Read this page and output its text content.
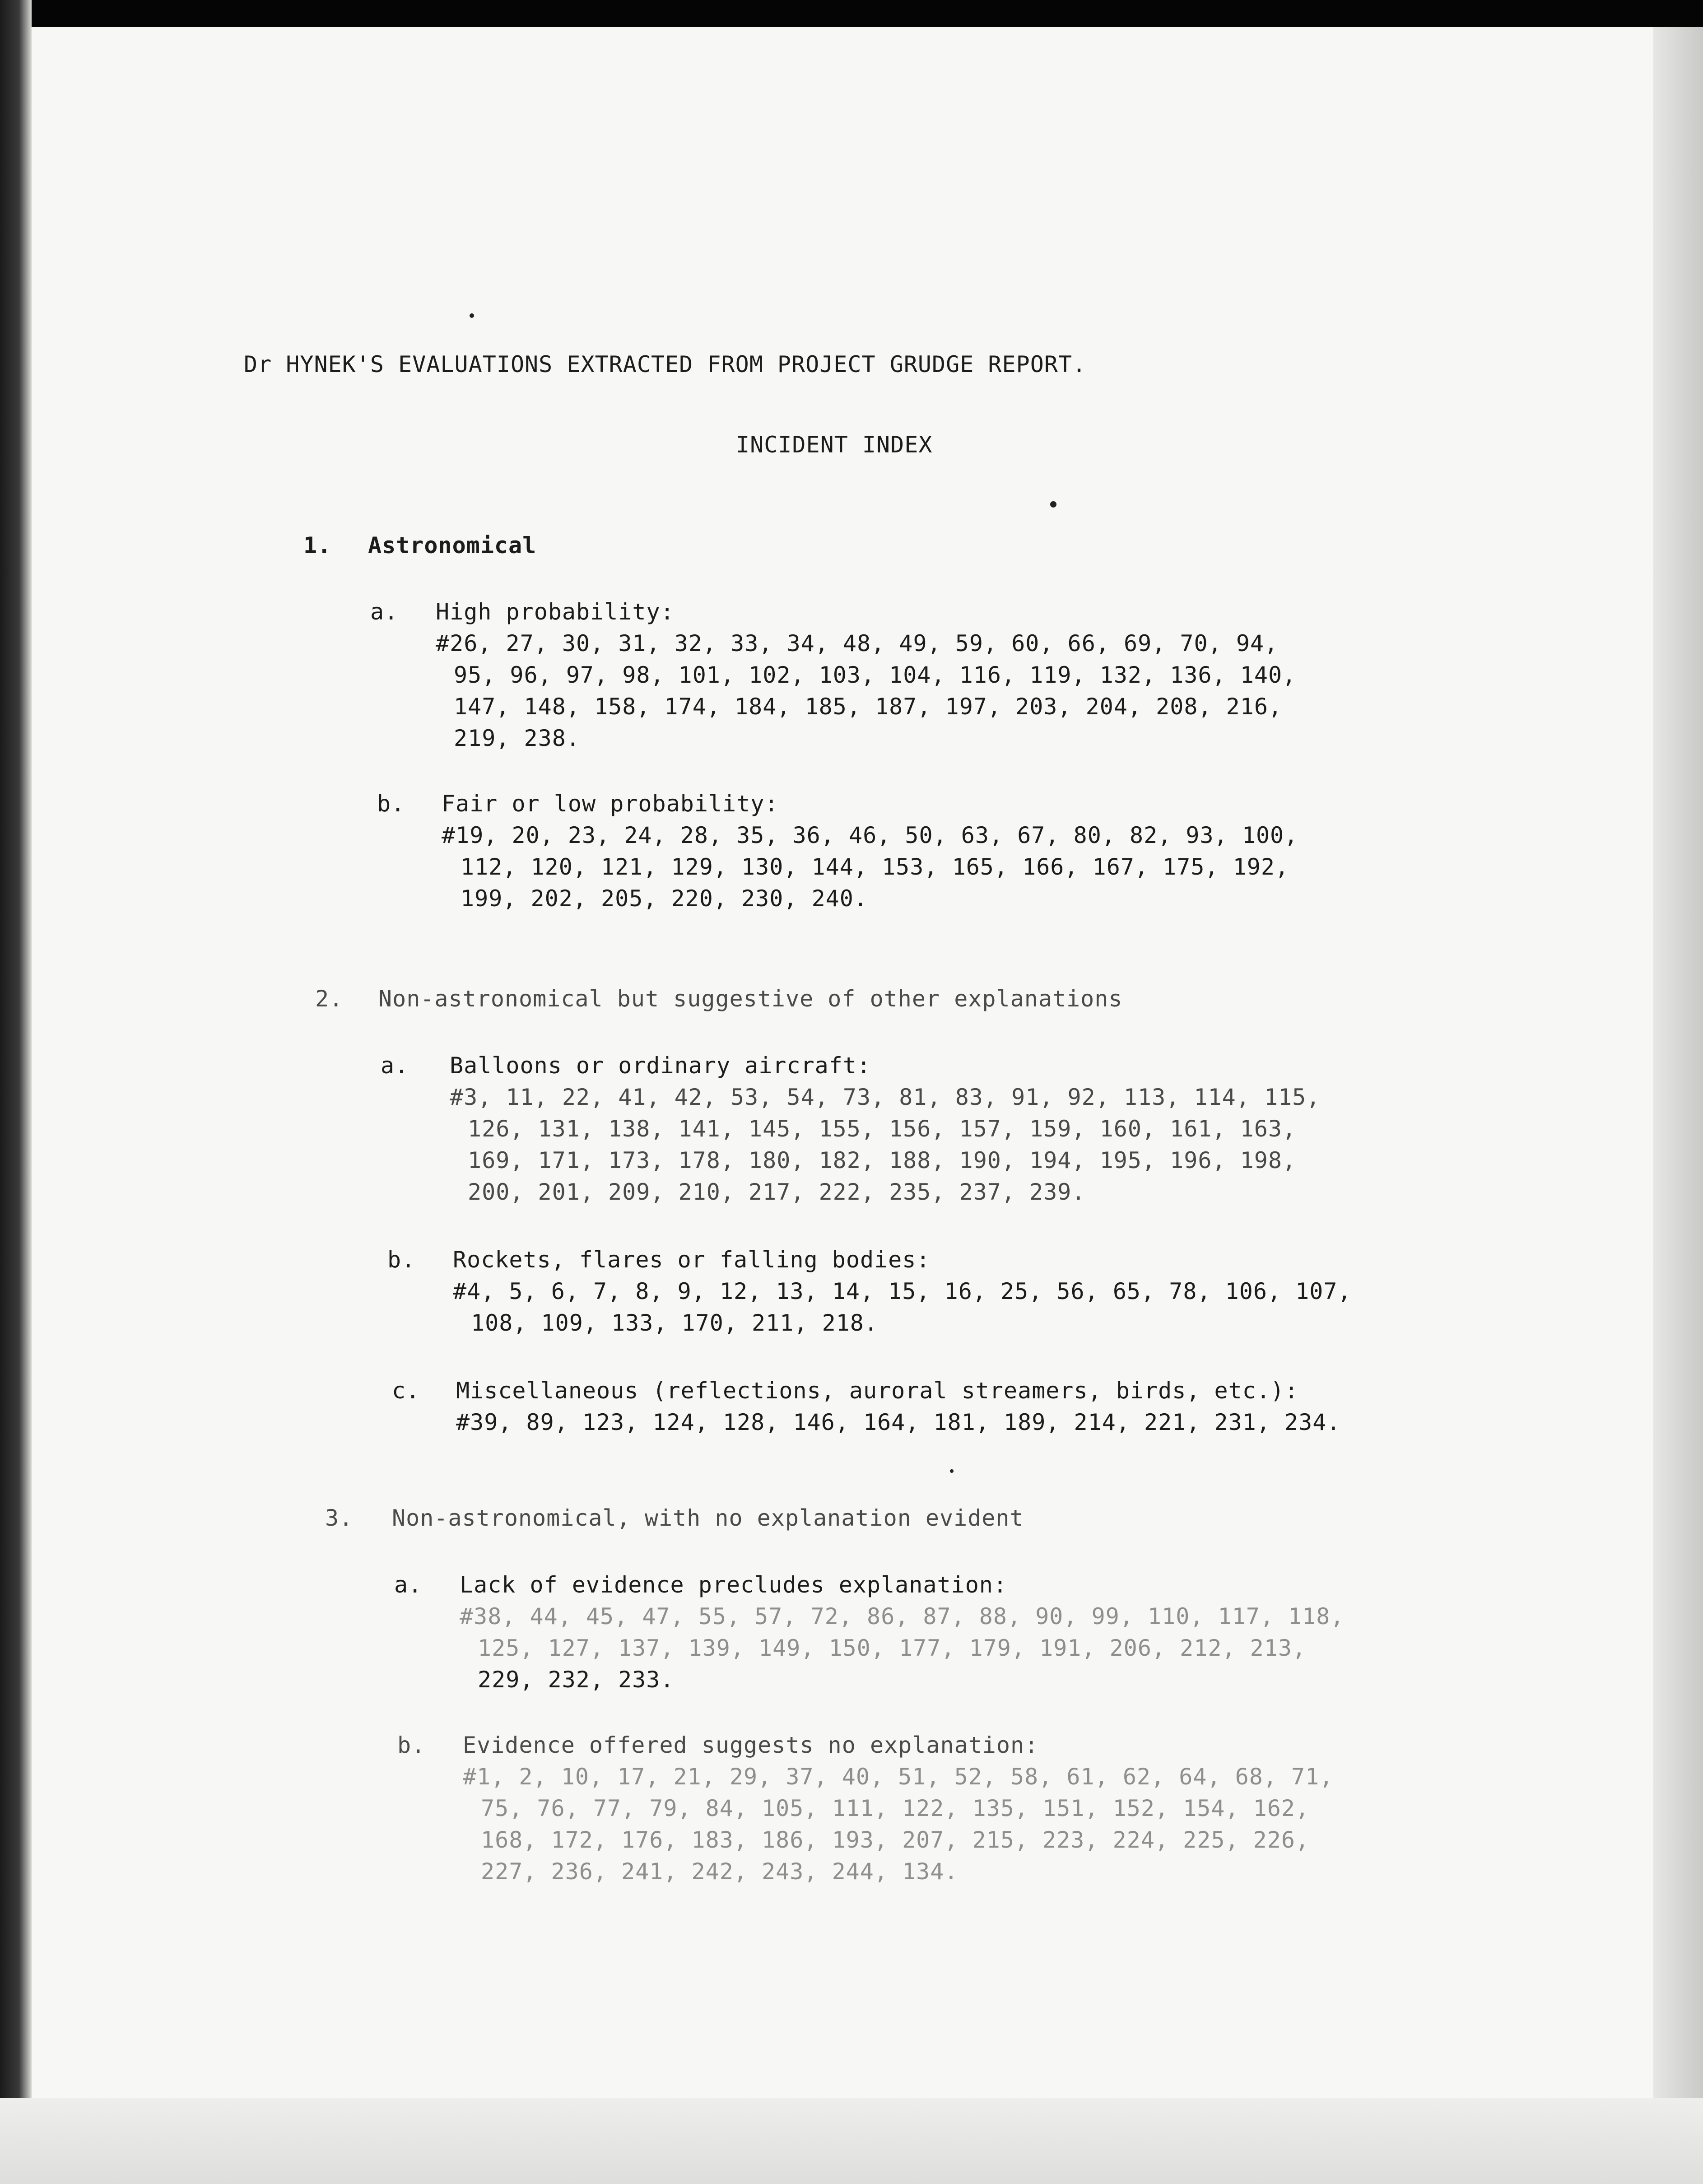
Dr HYNEK'S EVALUATIONS EXTRACTED FROM PROJECT GRUDGE REPORT.
INCIDENT INDEX
1. Astronomical
a. High probability:
#26, 27, 30, 31, 32, 33, 34, 48, 49, 59, 60, 66, 69, 70, 94,
95, 96, 97, 98, 101, 102, 103, 104, 116, 119, 132, 136, 140,
147, 148, 158, 174, 184, 185, 187, 197, 203, 204, 208, 216,
219, 238.
b. Fair or low probability:
#19, 20, 23, 24, 28, 35, 36, 46, 50, 63, 67, 80, 82, 93, 100,
112, 120, 121, 129, 130, 144, 153, 165, 166, 167, 175, 192,
199, 202, 205, 220, 230, 240.
2. Non-astronomical but suggestive of other explanations
a. Balloons or ordinary aircraft:
#3, 11, 22, 41, 42, 53, 54, 73, 81, 83, 91, 92, 113, 114, 115,
126, 131, 138, 141, 145, 155, 156, 157, 159, 160, 161, 163,
169, 171, 173, 178, 180, 182, 188, 190, 194, 195, 196, 198,
200, 201, 209, 210, 217, 222, 235, 237, 239.
b. Rockets, flares or falling bodies:
#4, 5, 6, 7, 8, 9, 12, 13, 14, 15, 16, 25, 56, 65, 78, 106, 107,
108, 109, 133, 170, 211, 218.
c. Miscellaneous (reflections, auroral streamers, birds, etc.):
#39, 89, 123, 124, 128, 146, 164, 181, 189, 214, 221, 231, 234.
3. Non-astronomical, with no explanation evident
a. Lack of evidence precludes explanation:
#38, 44, 45, 47, 55, 57, 72, 86, 87, 88, 90, 99, 110, 117, 118,
125, 127, 137, 139, 149, 150, 177, 179, 191, 206, 212, 213,
229, 232, 233.
b. Evidence offered suggests no explanation:
#1, 2, 10, 17, 21, 29, 37, 40, 51, 52, 58, 61, 62, 64, 68, 71,
75, 76, 77, 79, 84, 105, 111, 122, 135, 151, 152, 154, 162,
168, 172, 176, 183, 186, 193, 207, 215, 223, 224, 225, 226,
227, 236, 241, 242, 243, 244, 134.
